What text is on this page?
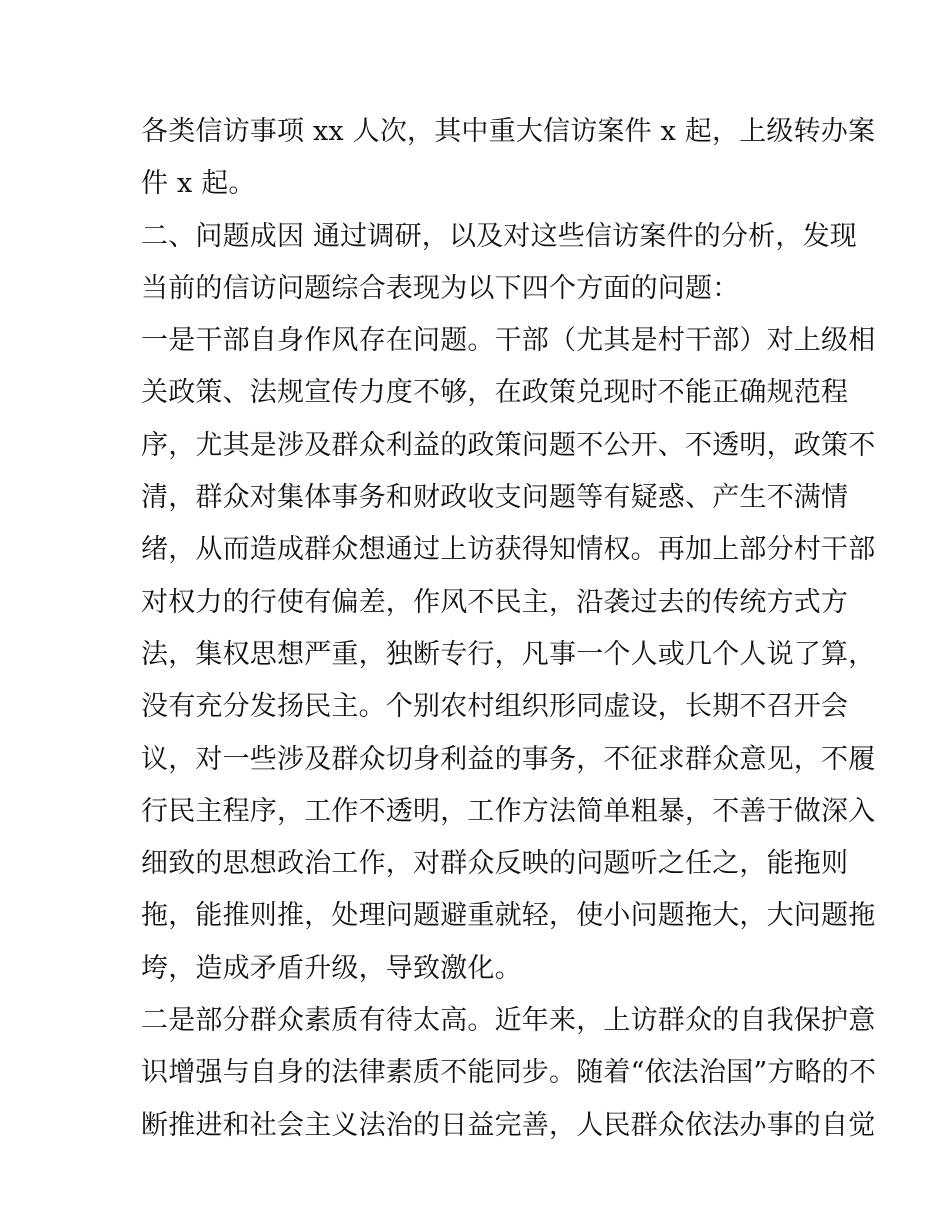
各类信访事项 xx 人次，其中重大信访案件 x 起，上级转办案
件 x 起。
二、问题成因 通过调研，以及对这些信访案件的分析，发现
当前的信访问题综合表现为以下四个方面的问题：
一是干部自身作风存在问题。干部（尤其是村干部）对上级相
关政策、法规宣传力度不够，在政策兑现时不能正确规范程
序，尤其是涉及群众利益的政策问题不公开、不透明，政策不
清，群众对集体事务和财政收支问题等有疑惑、产生不满情
绪，从而造成群众想通过上访获得知情权。再加上部分村干部
对权力的行使有偏差，作风不民主，沿袭过去的传统方式方
法，集权思想严重，独断专行，凡事一个人或几个人说了算，
没有充分发扬民主。个别农村组织形同虚设，长期不召开会
议，对一些涉及群众切身利益的事务，不征求群众意见，不履
行民主程序，工作不透明，工作方法简单粗暴，不善于做深入
细致的思想政治工作，对群众反映的问题听之任之，能拖则
拖，能推则推，处理问题避重就轻，使小问题拖大，大问题拖
垮，造成矛盾升级，导致激化。
二是部分群众素质有待太高。近年来，上访群众的自我保护意
识增强与自身的法律素质不能同步。随着“依法治国”方略的不
断推进和社会主义法治的日益完善，人民群众依法办事的自觉
